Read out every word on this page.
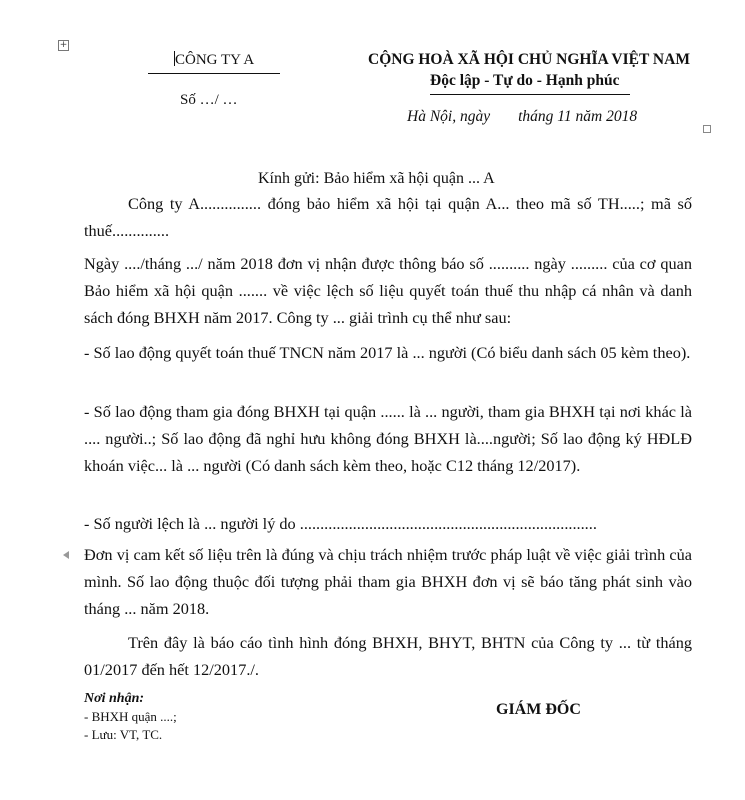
+
CÔNG TY A
Số …/ …
CỘNG HOÀ XÃ HỘI CHỦ NGHĨA VIỆT NAM
Độc lập - Tự do - Hạnh phúc
Hà Nội, ngày tháng 11 năm 2018
Kính gửi: Bảo hiểm xã hội quận ... A
Công ty A............... đóng bảo hiểm xã hội tại quận A... theo mã số TH.....; mã số thuế..............
Ngày ..../tháng .../ năm 2018 đơn vị nhận được thông báo số .......... ngày ......... của cơ quan Bảo hiểm xã hội quận ....... về việc lệch số liệu quyết toán thuế thu nhập cá nhân và danh sách đóng BHXH năm 2017. Công ty ... giải trình cụ thể như sau:
- Số lao động quyết toán thuế TNCN năm 2017 là ... người (Có biểu danh sách 05 kèm theo).
- Số lao động tham gia đóng BHXH tại quận ...... là ... người, tham gia BHXH tại nơi khác là .... người..; Số lao động đã nghỉ hưu không đóng BHXH là....người; Số lao động ký HĐLĐ khoán việc... là ... người (Có danh sách kèm theo, hoặc C12 tháng 12/2017).
- Số người lệch là ... người lý do .........................................................................
Đơn vị cam kết số liệu trên là đúng và chịu trách nhiệm trước pháp luật về việc giải trình của mình. Số lao động thuộc đối tượng phải tham gia BHXH đơn vị sẽ báo tăng phát sinh vào tháng ... năm 2018.
Trên đây là báo cáo tình hình đóng BHXH, BHYT, BHTN của Công ty ... từ tháng 01/2017 đến hết 12/2017./.
Nơi nhận:
- BHXH quận ....;
- Lưu: VT, TC.
GIÁM ĐỐC
